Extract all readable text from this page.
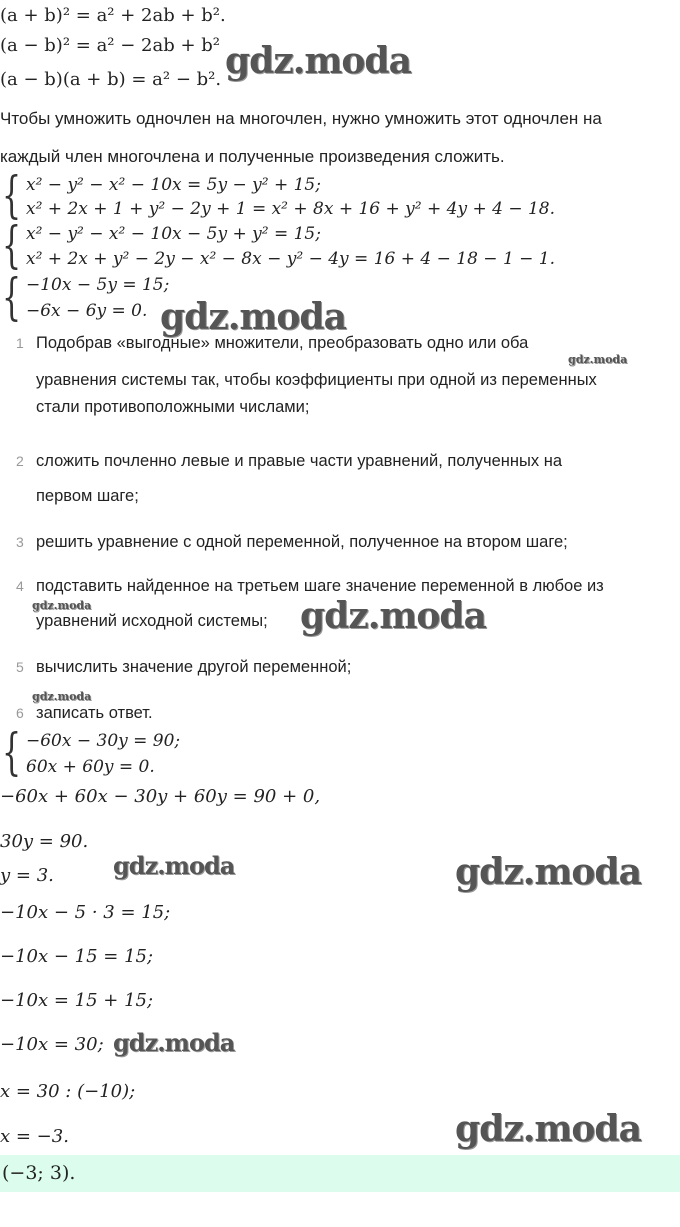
(a + b)² = a² + 2ab + b².
(a − b)² = a² − 2ab + b²
(a − b)(a + b) = a² − b².
Чтобы умножить одночлен на многочлен, нужно умножить этот одночлен на
каждый член многочлена и полученные произведения сложить.
{ x² − y² − x² − 10x = 5y − y² + 15;
x² + 2x + 1 + y² − 2y + 1 = x² + 8x + 16 + y² + 4y + 4 − 18.
{ x² − y² − x² − 10x − 5y + y² = 15;
x² + 2x + y² − 2y − x² − 8x − y² − 4y = 16 + 4 − 18 − 1 − 1.
{ −10x − 5y = 15;
−6x − 6y = 0.
1 Подобрав «выгодные» множители, преобразовать одно или оба
уравнения системы так, чтобы коэффициенты при одной из переменных
стали противоположными числами;
2 сложить почленно левые и правые части уравнений, полученных на
первом шаге;
3 решить уравнение с одной переменной, полученное на втором шаге;
4 подставить найденное на третьем шаге значение переменной в любое из
уравнений исходной системы;
5 вычислить значение другой переменной;
6 записать ответ.
{ −60x − 30y = 90;
60x + 60y = 0.
−60x + 60x − 30y + 60y = 90 + 0,
30y = 90.
y = 3.
−10x − 5 · 3 = 15;
−10x − 15 = 15;
−10x = 15 + 15;
−10x = 30;
x = 30 : (−10);
x = −3.
(−3; 3).
gdz.moda
gdz.moda
gdz.moda
gdz.moda	gdz.moda
gdz.moda
gdz.moda	gdz.moda
gdz.moda
gdz.moda
